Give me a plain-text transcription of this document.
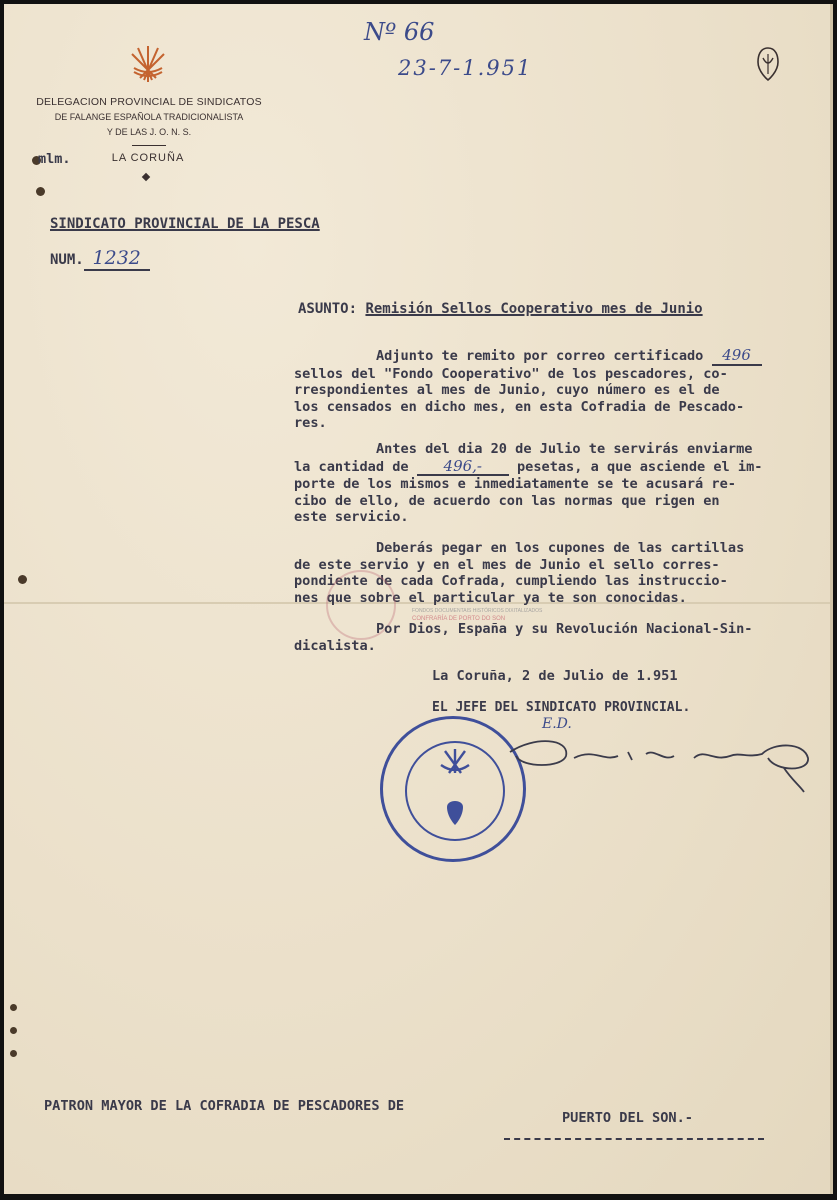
DELEGACION PROVINCIAL DE SINDICATOS
DE FALANGE ESPAÑOLA TRADICIONALISTA
Y DE LAS J. O. N. S.
LA CORUÑA
mlm.
Nº 66
23-7-1.951
SINDICATO PROVINCIAL DE LA PESCA
NUM. 1232
ASUNTO: Remisión Sellos Cooperativo mes de Junio
Adjunto te remito por correo certificado 496
sellos del "Fondo Cooperativo" de los pescadores, co-
rrespondientes al mes de Junio, cuyo número es el de
los censados en dicho mes, en esta Cofradia de Pescado-
res.
Antes del dia 20 de Julio te servirás enviarme
la cantidad de 496,-	pesetas, a que asciende el im-
porte de los mismos e inmediatamente se te acusará re-
cibo de ello, de acuerdo con las normas que rigen en
este servicio.
Deberás pegar en los cupones de las cartillas
de este servio y en el mes de Junio el sello corres-
pondiente de cada Cofrada, cumpliendo las instruccio-
nes que sobre el particular ya te son conocidas.
FONDOS DOCUMENTAIS HISTÓRICOS DIXITALIZADOS
CONFRARÍA DE PORTO DO SON
Por Dios, España y su Revolución Nacional-Sin-
dicalista.
La Coruña, 2 de Julio de 1.951
EL JEFE DEL SINDICATO PROVINCIAL.
E.D.
PATRON MAYOR DE LA COFRADIA DE PESCADORES DE
PUERTO DEL SON.-
